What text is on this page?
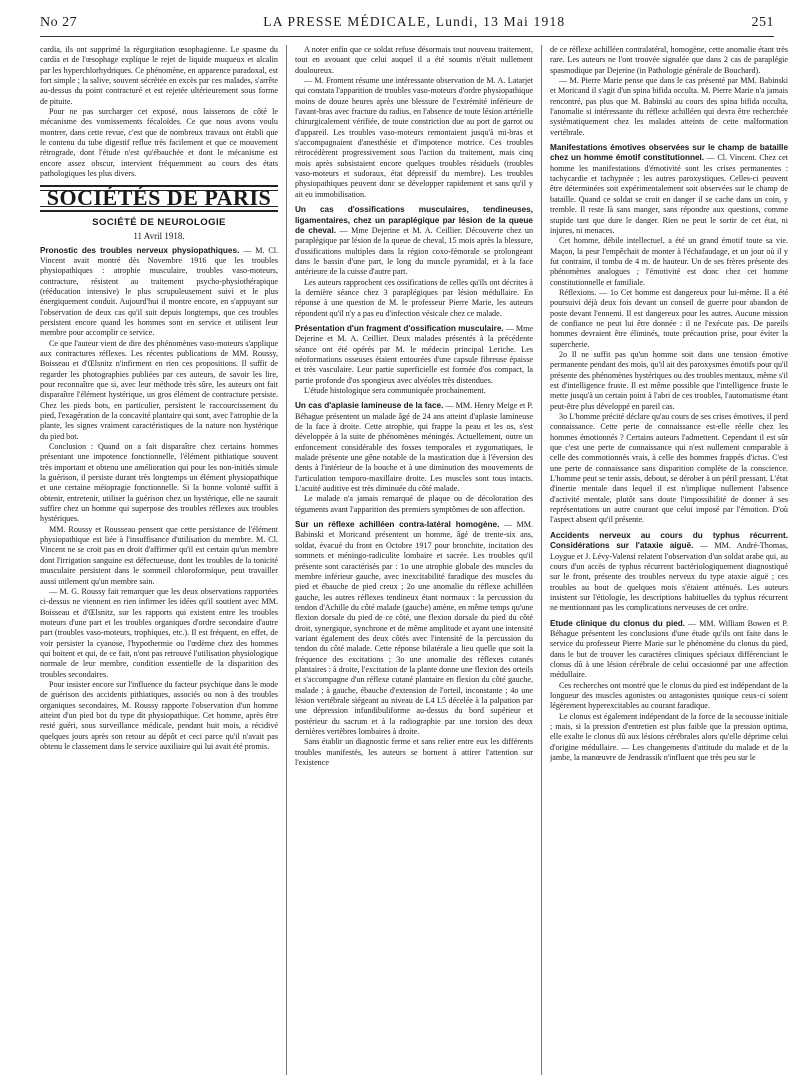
No 27	LA PRESSE MÉDICALE, Lundi, 13 Mai 1918	251

cardia, ils ont supprimé la régurgitation œsophagienne. Le spasme du cardia et de l'œsophage explique le rejet de liquide muqueux et alcalin par les hyperchlorhydriques. Ce phénomène, en apparence paradoxal, est fort simple ; la salive, souvent sécrétée en excès par ces malades, s'arrête au-dessus du point contracturé et est rejetée ultérieurement sous forme de pituite.

Pour ne pas surcharger cet exposé, nous laisserons de côté le mécanisme des vomissements fécaloïdes. Ce que nous avons voulu montrer, dans cette revue, c'est que de nombreux travaux ont établi que le contenu du tube digestif reflue très facilement et que ce mouvement rétrograde, dont l'étude n'est qu'ébauchée et dont le mécanisme est encore assez obscur, intervient fréquemment au cours des états pathologiques les plus divers.

SOCIÉTÉS DE PARIS
SOCIÉTÉ DE NEUROLOGIE
11 Avril 1918.

Pronostic des troubles nerveux physiopathiques. — M. Cl. Vincent avait montré dès Novembre 1916 que les troubles physiopathiques : atrophie musculaire, troubles vaso-moteurs, contracture, résistent au traitement psycho-physiothérapique (rééducation intensive) le plus scrupuleusement suivi et le plus énergiquement conduit. Aujourd'hui il montre encore, en s'appuyant sur l'observation de deux cas qu'il suit depuis longtemps, que ces troubles persistent encore quand les hommes sont en service et utilisent leur membre pour accomplir ce service.

Ce que l'auteur vient de dire des phénomènes vaso-moteurs s'applique aux contractures réflexes. Les récentes publications de MM. Roussy, Boisseau et d'Œlsnitz n'infirment en rien ces propositions. Il suffit de regarder les photographies publiées par ces auteurs, de savoir les lire, pour reconnaître que si, avec leur méthode très sûre, les auteurs ont fait disparaître l'élément hystérique, un gros élément de contracture persiste. Chez les pieds bots, en particulier, persistent le raccourcissement du pied, l'exagération de la concavité plantaire qui sont, avec l'atrophie de la plante, les signes vraiment caractéristiques de la nature non hystérique du pied bot.

Conclusion : Quand on a fait disparaître chez certains hommes présentant une impotence fonctionnelle, l'élément pithiatique souvent très important et obtenu une amélioration qui pour les non-initiés simule la guérison, il persiste durant très longtemps un élément physiopathique et une certaine méiopragie fonctionnelle. Si la bonne volonté suffit à obtenir, entretenir, utiliser la guérison chez un hystérique, elle ne saurait suffire chez un homme qui superpose des troubles réflexes aux troubles hystériques.

MM. Roussy et Rousseau pensent que cette persistance de l'élément physiopathique est liée à l'insuffisance d'utilisation du membre. M. Cl. Vincent ne se croit pas en droit d'affirmer qu'il est certain qu'un membre dont l'irrigation sanguine est défectueuse, dont les troubles de la tonicité musculaire persistent dans le sommeil chloroformique, peut travailler aussi utilement qu'un membre sain.

— M. G. Roussy fait remarquer que les deux observations rapportées ci-dessus ne viennent en rien infirmer les idées qu'il soutient avec MM. Boisseau et d'Œlsnitz, sur les rapports qui existent entre les troubles moteurs d'une part et les troubles organiques d'ordre secondaire d'autre part (troubles vaso-moteurs, trophiques, etc.). Il est fréquent, en effet, de voir persister la cyanose, l'hypothermie ou l'œdème chez des hommes qui boitent et qui, de ce fait, n'ont pas retrouvé l'utilisation physiologique normale de leur membre, condition essentielle de la disparition des troubles secondaires.

Pour insister encore sur l'influence du facteur psychique dans le mode de guérison des accidents pithiatiques, associés ou non à des troubles organiques secondaires, M. Roussy rapporte l'observation d'un homme atteint d'un pied bot du type dit physiopathique. Cet homme, après être resté guéri, sous surveillance médicale, pendant huit mois, a récidivé quelques jours après son retour au dépôt et ceci parce qu'il n'avait pas obtenu le classement dans le service auxiliaire qui lui avait été promis.

A noter enfin que ce soldat refuse désormais tout nouveau traitement, tout en avouant que celui auquel il a été soumis n'était nullement douloureux.

— M. Froment résume une intéressante observation de M. A. Latarjet qui constata l'apparition de troubles vaso-moteurs d'ordre physiopathique moins de douze heures après une blessure de l'extrémité inférieure de l'avant-bras avec fracture du radius, en l'absence de toute lésion artérielle chirurgicalement vérifiée, de toute constriction due au port de garrot ou d'appareil. Les troubles vaso-moteurs remontaient jusqu'à mi-bras et s'accompagnaient d'anesthésie et d'impotence motrice. Ces troubles rétrocédèrent progressivement sous l'action du traitement, mais cinq mois après subsistaient encore quelques troubles résiduels (troubles vaso-moteurs et sudoraux, état dépressif du membre). Les troubles physiopathiques peuvent donc se développer rapidement et sans qu'il y ait eu immobilisation.

Un cas d'ossifications musculaires, tendineuses, ligamentaires, chez un paraplégique par lésion de la queue de cheval. — Mme Dejerine et M. A. Ceillier. Découverte chez un paraplégique par lésion de la queue de cheval, 15 mois après la blessure, d'ossifications multiples dans la région coxo-fémorale se prolongeant dans le bassin d'une part, le long du muscle pyramidal, et à la face antérieure de la cuisse d'autre part.

Les auteurs rapprochent ces ossifications de celles qu'ils ont décrites à la dernière séance chez 3 paraplégiques par lésion médullaire. En réponse à une question de M. le professeur Pierre Marie, les auteurs répondent qu'il n'y a pas eu d'infection vésicale chez ce malade.

Présentation d'un fragment d'ossification musculaire. — Mme Dejerine et M. A. Ceillier. Deux malades présentés à la précédente séance ont été opérés par M. le médecin principal Leriche. Les néoformations osseuses étaient entourées d'une capsule fibreuse épaisse et très vasculaire. Leur partie superficielle est formée d'os compact, la partie profonde d'os spongieux avec alvéoles très distendues.

L'étude histologique sera communiquée prochainement.

Un cas d'aplasie lamineuse de la face. — MM. Henry Meige et P. Béhague présentent un malade âgé de 24 ans atteint d'aplasie lamineuse de la face à droite. Cette atrophie, qui frappe la peau et les os, s'est développée à la suite de phénomènes méningés. Actuellement, outre un enfoncement considérable des fosses temporales et zygomatiques, le malade présente une gêne notable de la mastication due à l'éversion des dents à l'intérieur de la bouche et à une diminution des mouvements de l'articulation temporo-maxillaire droite. Les muscles sont tous intacts. L'acuité auditive est très diminuée du côté malade.

Le malade n'a jamais remarqué de plaque ou de décoloration des téguments avant l'apparition des premiers symptômes de son affection.

Sur un réflexe achilléen contra-latéral homogène. — MM. Babinski et Moricand présentent un homme, âgé de trente-six ans, soldat, évacué du front en Octobre 1917 pour bronchite, incitation des sommets et méningo-radiculite lombaire et sacrée. Les troubles qu'il présente sont caractérisés par : 1o une atrophie globale des muscles du membre inférieur gauche, avec inexcitabilité faradique des muscles du pied et ébauche de pied creux ; 2o une anomalie du réflexe achilléen gauche, les autres réflexes tendineux étant normaux : la percussion du tendon d'Achille du côté malade (gauche) amène, en même temps qu'une flexion dorsale du pied de ce côté, une flexion dorsale du pied du côté droit, synergique, synchrone et de même amplitude et ayant une intensité variant également des deux côtés avec l'intensité de la percussion du tendon du côté malade. Cette réponse bilatérale a lieu quelle que soit la fréquence des excitations ; 3o une anomalie des réflexes cutanés plantaires : à droite, l'excitation de la plante donne une flexion des orteils et s'accompagne d'un réflexe cutané plantaire en flexion du côté gauche, malade ; à gauche, ébauche d'extension de l'orteil, inconstante ; 4o une lésion vertébrale siégeant au niveau de L4 L5 décelée à la palpation par une dépression infundibuliforme au-dessus du bord supérieur et postérieur du sacrum et à la radiographie par une torsion des deux dernières vertèbres lombaires à droite.

Sans établir un diagnostic ferme et sans relier entre eux les différents troubles manifestés, les auteurs se bornent à attirer l'attention sur l'existence

de ce réflexe achilléen contralatéral, homogène, cette anomalie étant très rare. Les auteurs ne l'ont trouvée signalée que dans 2 cas de paraplégie spasmodique par Dejerine (in Pathologie générale de Bouchard).

— M. Pierre Marie pense que dans le cas présenté par MM. Babinski et Moricand il s'agit d'un spina bifida occulta. M. Pierre Marie n'a jamais rencontré, pas plus que M. Babinski au cours des spina bifida occulta, l'anomalie si intéressante du réflexe achilléen qui devra être recherchée systématiquement chez les malades atteints de cette malformation vertébrale.

Manifestations émotives observées sur le champ de bataille chez un homme émotif constitutionnel. — Cl. Vincent. Chez cet homme les manifestations d'émotivité sont les crises permanentes : tachycardie et tachypnée ; les autres paroxystiques. Celles-ci peuvent être déterminées soit expérimentalement soit observées sur le champ de bataille. Quand ce soldat se croit en danger il se cache dans un coin, y tremble. Il reste là sans manger, sans répondre aux questions, comme stupide tant que dure le danger. Rien ne peut le sortir de cet état, ni injures, ni menaces.

Cet homme, débile intellectuel, a été un grand émotif toute sa vie. Maçon, la peur l'empêchait de monter à l'échafaudage, et un jour où il y fut contraint, il tomba de 4 m. de hauteur. Un de ses frères présente des phénomènes analogues ; l'émotivité est donc chez cet homme constitutionnelle et familiale.

Réflexions. — 1o Cet homme est dangereux pour lui-même. Il a été poursuivi déjà deux fois devant un conseil de guerre pour abandon de poste devant l'ennemi. Il est dangereux pour les autres. Aucune mission de confiance ne peut lui être donnée : il ne l'exécute pas. De pareils hommes devraient être éliminés, toute précaution prise, pour éviter la supercherie.

2o Il ne suffit pas qu'un homme soit dans une tension émotive permanente pendant des mois, qu'il ait des paroxysmes émotifs pour qu'il présente des phénomènes hystériques ou des troubles mentaux, même s'il est d'intelligence fruste. Il est même possible que l'intelligence fruste le mette jusqu'à un certain point à l'abri de ces troubles, l'automatisme étant peut-être plus développé en pareil cas.

3o L'homme précité déclare qu'au cours de ses crises émotives, il perd connaissance. Cette perte de connaissance est-elle réelle chez les hommes émotionnés ? Certains auteurs l'admettent. Cependant il est sûr que c'est une perte de connaissance qui n'est nullement comparable à celle des commotionnés vrais, à celle des hommes frappés d'ictus. C'est une perte de connaissance sans disparition complète de la conscience. L'homme peut se tenir assis, debout, se dérober à un péril pressant. L'état d'inertie mentale dans lequel il est n'implique nullement l'absence d'activité mentale, plutôt sans doute l'impossibilité de donner à ses représentations un autre courant que celui imposé par l'émotion. D'où l'aspect absent qu'il présente.

Accidents nerveux au cours du typhus récurrent. Considérations sur l'ataxie aiguë. — MM. André-Thomas, Loygue et J. Lévy-Valensi relatent l'observation d'un soldat arabe qui, au cours d'un accès de typhus récurrent bactériologiquement diagnostiqué sur le front, présente des troubles nerveux du type ataxie aiguë ; ces troubles au bout de quelques mois s'étaient atténués. Les auteurs insistent sur l'étiologie, les descriptions habituelles du typhus récurrent ne mentionnant pas les complications nerveuses de cet ordre.

Etude clinique du clonus du pied. — MM. William Bowen et P. Béhague présentent les conclusions d'une étude qu'ils ont faite dans le service du professeur Pierre Marie sur le phénomène du clonus du pied, dans le but de trouver les caractères cliniques spéciaux différenciant le clonus dû à une lésion cérébrale de celui occasionné par une affection médullaire.

Ces recherches ont montré que le clonus du pied est indépendant de la longueur des muscles agonistes ou antagonistes quoique ceux-ci soient légèrement hyperexcitables au courant faradique.

Le clonus est également indépendant de la force de la secousse initiale ; mais, si la pression d'entretien est plus faible que la pression optima, elle exalte le clonus dû aux lésions cérébrales alors qu'elle déprime celui d'origine médullaire. — Les changements d'attitude du malade et de la jambe, la manœuvre de Jendrassik n'influent que très peu sur le
